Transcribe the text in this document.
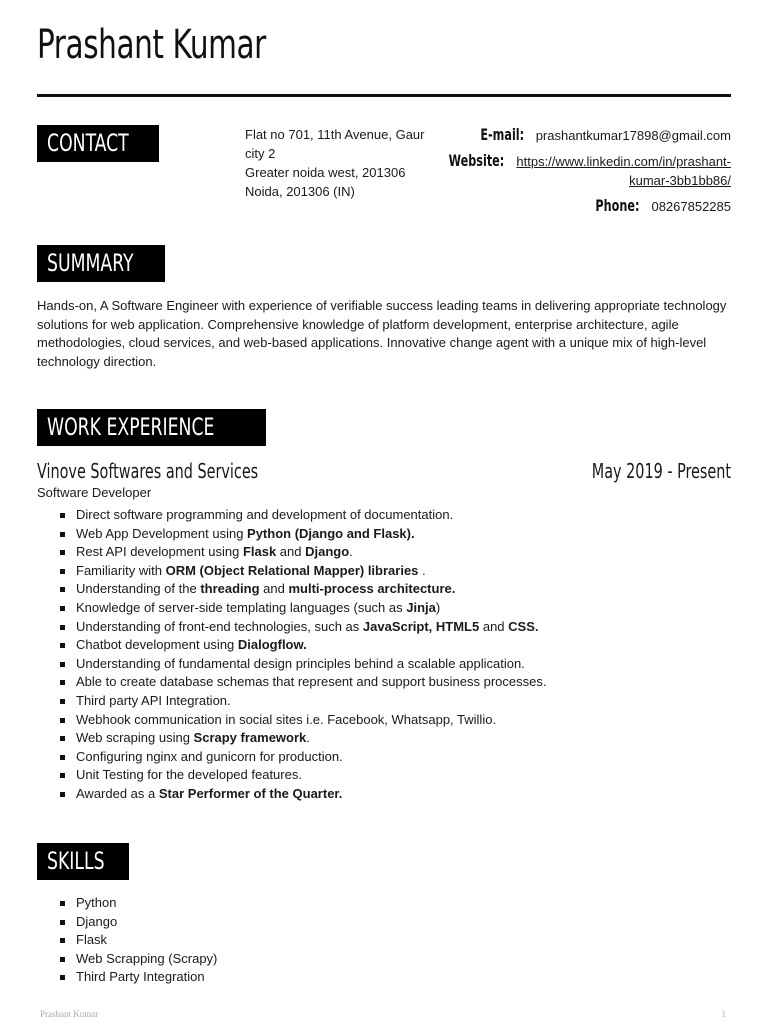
Prashant Kumar
CONTACT	Flat no 701, 11th Avenue, Gaur
city 2
Greater noida west, 201306
Noida, 201306 (IN)
E-mail: prashantkumar17898@gmail.com
Website: https://www.linkedin.com/in/prashant-
kumar-3bb1bb86/
Phone: 08267852285
SUMMARY
Hands-on, A Software Engineer with experience of verifiable success leading teams in delivering appropriate technology
solutions for web application. Comprehensive knowledge of platform development, enterprise architecture, agile
methodologies, cloud services, and web-based applications. Innovative change agent with a unique mix of high-level
technology direction.
WORK EXPERIENCE
Vinove Softwares and Services	May 2019 - Present
Software Developer
Direct software programming and development of documentation.
Web App Development using Python (Django and Flask).
Rest API development using Flask and Django.
Familiarity with ORM (Object Relational Mapper) libraries .
Understanding of the threading and multi-process architecture.
Knowledge of server-side templating languages (such as Jinja)
Understanding of front-end technologies, such as JavaScript, HTML5 and CSS.
Chatbot development using Dialogflow.
Understanding of fundamental design principles behind a scalable application.
Able to create database schemas that represent and support business processes.
Third party API Integration.
Webhook communication in social sites i.e. Facebook, Whatsapp, Twillio.
Web scraping using Scrapy framework.
Configuring nginx and gunicorn for production.
Unit Testing for the developed features.
Awarded as a Star Performer of the Quarter.
SKILLS
Python
Django
Flask
Web Scrapping (Scrapy)
Third Party Integration
Prashant Kumar	1
